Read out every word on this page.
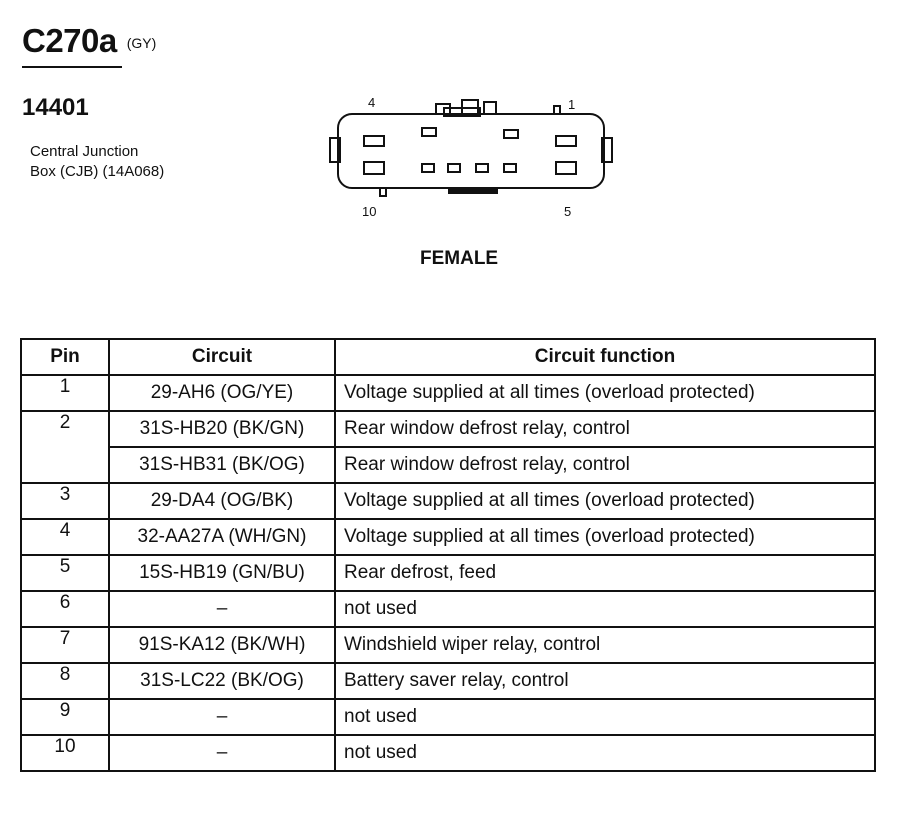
C270a (GY)
14401
Central Junction
Box (CJB) (14A068)
4	1
10	5
FEMALE
Pin	Circuit	Circuit function
1	29-AH6 (OG/YE)	Voltage supplied at all times (overload protected)
2	31S-HB20 (BK/GN)	Rear window defrost relay, control
	31S-HB31 (BK/OG)	Rear window defrost relay, control
3	29-DA4 (OG/BK)	Voltage supplied at all times (overload protected)
4	32-AA27A (WH/GN)	Voltage supplied at all times (overload protected)
5	15S-HB19 (GN/BU)	Rear defrost, feed
6	–	not used
7	91S-KA12 (BK/WH)	Windshield wiper relay, control
8	31S-LC22 (BK/OG)	Battery saver relay, control
9	–	not used
10	–	not used
